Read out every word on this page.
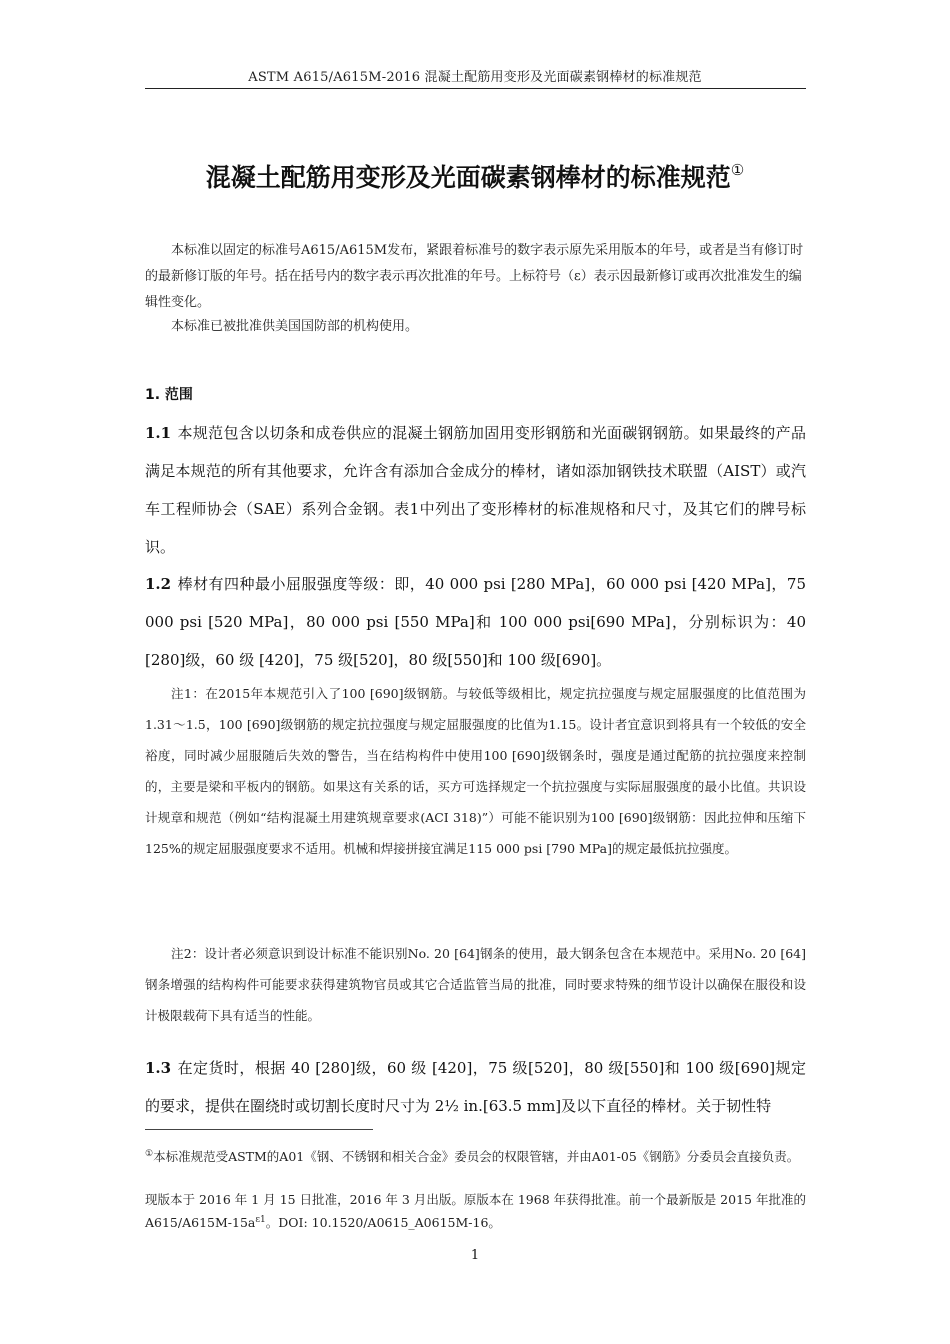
ASTM A615/A615M-2016 混凝土配筋用变形及光面碳素钢棒材的标准规范
混凝土配筋用变形及光面碳素钢棒材的标准规范①

本标准以固定的标准号A615/A615M发布，紧跟着标准号的数字表示原先采用版本的年号，或者是当有修订时的最新修订版的年号。括在括号内的数字表示再次批准的年号。上标符号（ε）表示因最新修订或再次批准发生的编辑性变化。

本标准已被批准供美国国防部的机构使用。

1. 范围

1.1 本规范包含以切条和成卷供应的混凝土钢筋加固用变形钢筋和光面碳钢钢筋。如果最终的产品满足本规范的所有其他要求，允许含有添加合金成分的棒材，诸如添加钢铁技术联盟（AIST）或汽车工程师协会（SAE）系列合金钢。表1中列出了变形棒材的标准规格和尺寸，及其它们的牌号标识。

1.2 棒材有四种最小屈服强度等级：即，40 000 psi [280 MPa]，60 000 psi [420 MPa]，75 000 psi [520 MPa]，80 000 psi [550 MPa]和 100 000 psi[690 MPa]，分别标识为：40 [280]级，60 级 [420]，75 级[520]，80 级[550]和 100 级[690]。

注1：在2015年本规范引入了100 [690]级钢筋。与较低等级相比，规定抗拉强度与规定屈服强度的比值范围为1.31～1.5，100 [690]级钢筋的规定抗拉强度与规定屈服强度的比值为1.15。设计者宜意识到将具有一个较低的安全裕度，同时减少屈服随后失效的警告，当在结构构件中使用100 [690]级钢条时，强度是通过配筋的抗拉强度来控制的，主要是梁和平板内的钢筋。如果这有关系的话，买方可选择规定一个抗拉强度与实际屈服强度的最小比值。共识设计规章和规范（例如“结构混凝土用建筑规章要求(ACI 318)”）可能不能识别为100 [690]级钢筋：因此拉伸和压缩下125%的规定屈服强度要求不适用。机械和焊接拼接宜满足115 000 psi [790 MPa]的规定最低抗拉强度。

注2：设计者必须意识到设计标准不能识别No. 20 [64]钢条的使用，最大钢条包含在本规范中。采用No. 20 [64]钢条增强的结构构件可能要求获得建筑物官员或其它合适监管当局的批准，同时要求特殊的细节设计以确保在服役和设计极限载荷下具有适当的性能。

1.3 在定货时，根据 40 [280]级，60 级 [420]，75 级[520]，80 级[550]和 100 级[690]规定的要求，提供在圈绕时或切割长度时尺寸为 2½ in.[63.5 mm]及以下直径的棒材。关于韧性特

①本标准规范受ASTM的A01《钢、不锈钢和相关合金》委员会的权限管辖，并由A01-05《钢筋》分委员会直接负责。

现版本于 2016 年 1 月 15 日批准，2016 年 3 月出版。原版本在 1968 年获得批准。前一个最新版是 2015 年批准的 $A615/A615M-15a^{\varepsilon 1}$。DOI: 10.1520/A0615_A0615M-16。

1
